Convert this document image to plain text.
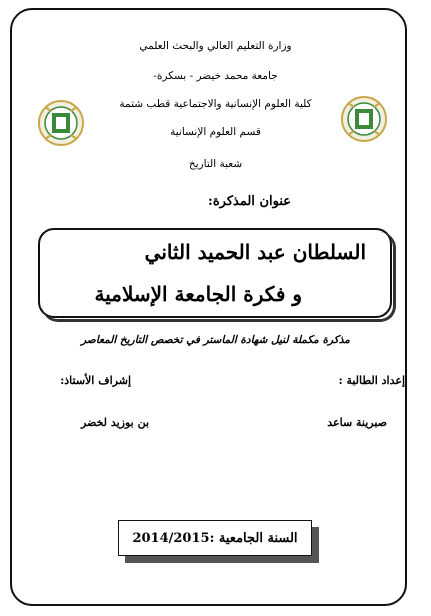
وزارة التعليم العالي والبحث العلمي
جامعة محمد خيضر - بسكرة-
كلية العلوم الإنسانية والاجتماعية قطب شتمة
قسم العلوم الإنسانية
شعبة التاريخ
عنوان المذكرة:
السلطان عبد الحميد الثاني
و فكرة الجامعة الإسلامية
مذكرة مكملة لنيل شهادة الماستر في تخصص التاريخ المعاصر
إعداد الطالبة :
إشراف الأستاذ:
صبرينة ساعد
بن بوزيد لخضر
السنة الجامعية :2014/2015
